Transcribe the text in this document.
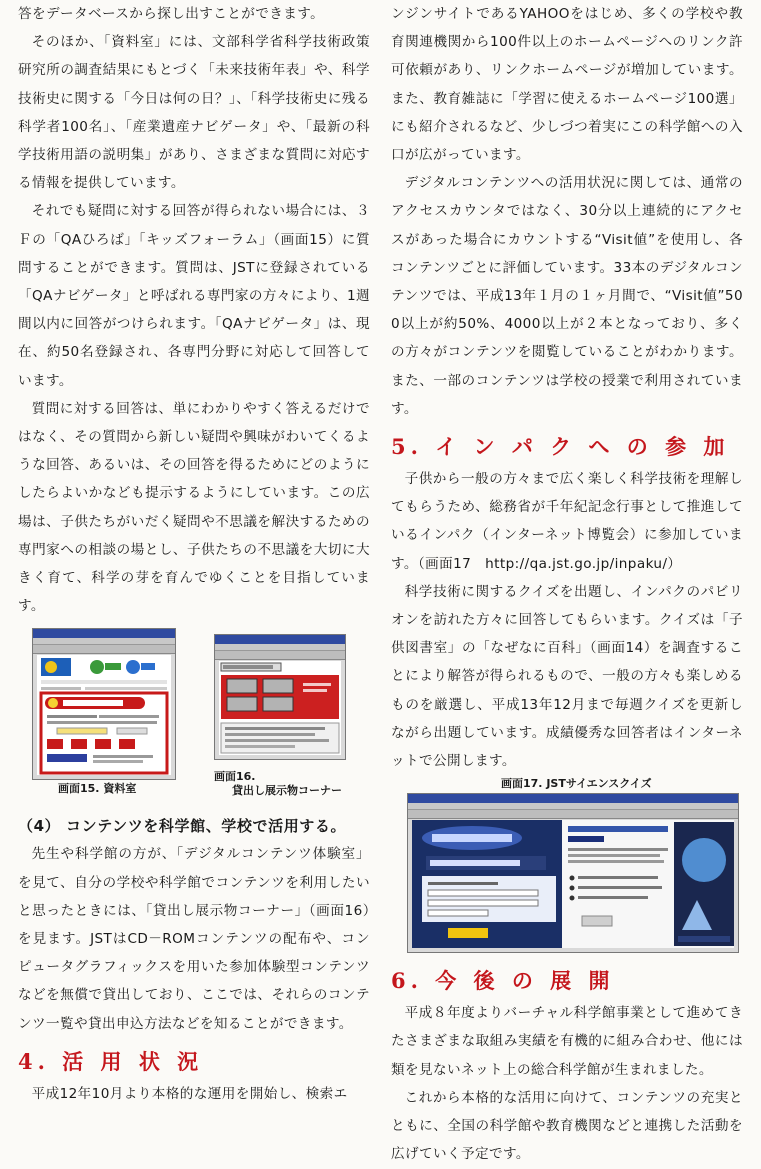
答をデータベースから探し出すことができます。

そのほか、「資料室」には、文部科学省科学技術政策研究所の調査結果にもとづく「未来技術年表」や、科学技術史に関する「今日は何の日？」、「科学技術史に残る科学者100名」、「産業遺産ナビゲータ」や、「最新の科学技術用語の説明集」があり、さまざまな質問に対応する情報を提供しています。

それでも疑問に対する回答が得られない場合には、３Ｆの「QAひろば」「キッズフォーラム」（画面15）に質問することができます。質問は、JSTに登録されている「QAナビゲータ」と呼ばれる専門家の方々により、1週間以内に回答がつけられます。「QAナビゲータ」は、現在、約50名登録され、各専門分野に対応して回答しています。

質問に対する回答は、単にわかりやすく答えるだけではなく、その質問から新しい疑問や興味がわいてくるような回答、あるいは、その回答を得るためにどのようにしたらよいかなども提示するようにしています。この広場は、子供たちがいだく疑問や不思議を解決するための専門家への相談の場とし、子供たちの不思議を大切に大きく育て、科学の芽を育んでゆくことを目指しています。

画面15. 資料室
画面16.
貸出し展示物コーナー
（4） コンテンツを科学館、学校で活用する。

先生や科学館の方が、「デジタルコンテンツ体験室」を見て、自分の学校や科学館でコンテンツを利用したいと思ったときには、「貸出し展示物コーナー」（画面16）を見ます。JSTはCD－ROMコンテンツの配布や、コンピュータグラフィックスを用いた参加体験型コンテンツなどを無償で貸出しており、ここでは、それらのコンテンツ一覧や貸出申込方法などを知ることができます。

4. 活 用 状 況

平成12年10月より本格的な運用を開始し、検索エ

ンジンサイトであるYAHOOをはじめ、多くの学校や教育関連機関から100件以上のホームページへのリンク許可依頼があり、リンクホームページが増加しています。また、教育雑誌に「学習に使えるホームページ100選」にも紹介されるなど、少しづつ着実にこの科学館への入口が広がっています。

デジタルコンテンツへの活用状況に関しては、通常のアクセスカウンタではなく、30分以上連続的にアクセスがあった場合にカウントする“Visit値”を使用し、各コンテンツごとに評価しています。33本のデジタルコンテンツでは、平成13年１月の１ヶ月間で、“Visit値”500以上が約50%、4000以上が２本となっており、多くの方々がコンテンツを閲覧していることがわかります。また、一部のコンテンツは学校の授業で利用されています。

5. イ ン パ ク へ の 参 加

子供から一般の方々まで広く楽しく科学技術を理解してもらうため、総務省が千年紀記念行事として推進しているインパク（インターネット博覧会）に参加しています。（画面17　http://qa.jst.go.jp/inpaku/）

科学技術に関するクイズを出題し、インパクのパビリオンを訪れた方々に回答してもらいます。クイズは「子供図書室」の「なぜなに百科」（画面14）を調査することにより解答が得られるもので、一般の方々も楽しめるものを厳選し、平成13年12月まで毎週クイズを更新しながら出題しています。成績優秀な回答者はインターネットで公開します。

画面17. JSTサイエンスクイズ
6. 今 後 の 展 開

平成８年度よりバーチャル科学館事業として進めてきたさまざまな取組み実績を有機的に組み合わせ、他には類を見ないネット上の総合科学館が生まれました。

これから本格的な活用に向けて、コンテンツの充実とともに、全国の科学館や教育機関などと連携した活動を広げていく予定です。
